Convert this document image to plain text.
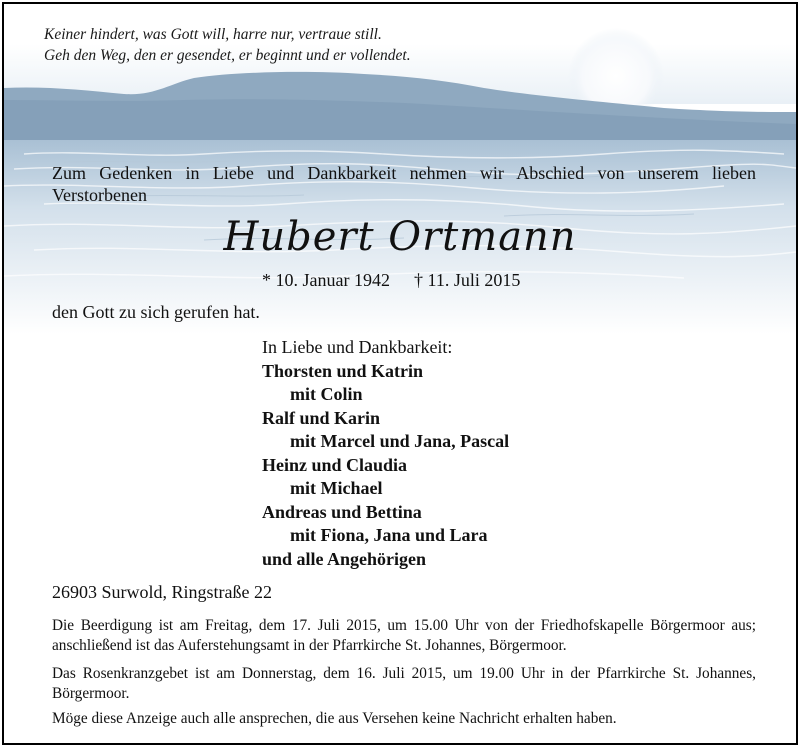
Keiner hindert, was Gott will, harre nur, vertraue still.
Geh den Weg, den er gesendet, er beginnt und er vollendet.
Zum Gedenken in Liebe und Dankbarkeit nehmen wir Abschied von unserem lieben
Verstorbenen
Hubert Ortmann
* 10. Januar 1942 † 11. Juli 2015
den Gott zu sich gerufen hat.
In Liebe und Dankbarkeit:
Thorsten und Katrin
mit Colin
Ralf und Karin
mit Marcel und Jana, Pascal
Heinz und Claudia
mit Michael
Andreas und Bettina
mit Fiona, Jana und Lara
und alle Angehörigen
26903 Surwold, Ringstraße 22
Die Beerdigung ist am Freitag, dem 17. Juli 2015, um 15.00 Uhr von der Friedhofskapelle Börgermoor aus; anschließend ist das Auferstehungsamt in der Pfarrkirche St. Johannes, Börgermoor.
Das Rosenkranzgebet ist am Donnerstag, dem 16. Juli 2015, um 19.00 Uhr in der Pfarrkirche St. Johannes, Börgermoor.
Möge diese Anzeige auch alle ansprechen, die aus Versehen keine Nachricht erhalten haben.
